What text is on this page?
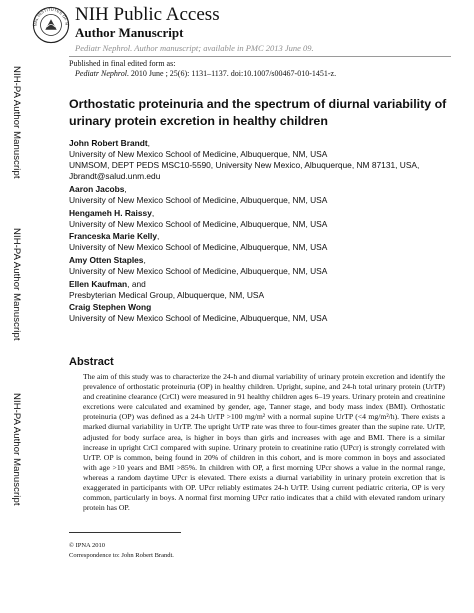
NAL INSTITUTES OF H NIH Public Access
Author Manuscript
Pediatr Nephrol. Author manuscript; available in PMC 2013 June 09.
Published in final edited form as:
Pediatr Nephrol. 2010 June ; 25(6): 1131–1137. doi:10.1007/s00467-010-1451-z.
NIH-PA Author Manuscript
NIH-PA Author Manuscript
NIH-PA Author Manuscript
Orthostatic proteinuria and the spectrum of diurnal variability of urinary protein excretion in healthy children
John Robert Brandt,
University of New Mexico School of Medicine, Albuquerque, NM, USA
UNMSOM, DEPT PEDS MSC10-5590, University New Mexico, Albuquerque, NM 87131, USA, Jbrandt@salud.unm.edu
Aaron Jacobs,
University of New Mexico School of Medicine, Albuquerque, NM, USA
Hengameh H. Raissy,
University of New Mexico School of Medicine, Albuquerque, NM, USA
Franceska Marie Kelly,
University of New Mexico School of Medicine, Albuquerque, NM, USA
Amy Otten Staples,
University of New Mexico School of Medicine, Albuquerque, NM, USA
Ellen Kaufman, and
Presbyterian Medical Group, Albuquerque, NM, USA
Craig Stephen Wong
University of New Mexico School of Medicine, Albuquerque, NM, USA
Abstract
The aim of this study was to characterize the 24-h and diurnal variability of urinary protein excretion and identify the prevalence of orthostatic proteinuria (OP) in healthy children. Upright, supine, and 24-h total urinary protein (UrTP) and creatinine clearance (CrCl) were measured in 91 healthy children ages 6–19 years. Urinary protein and creatinine excretions were calculated and examined by gender, age, Tanner stage, and body mass index (BMI). Orthostatic proteinuria (OP) was defined as a 24-h UrTP >100 mg/m² with a normal supine UrTP (<4 mg/m²/h). There exists a marked diurnal variability in UrTP. The upright UrTP rate was three to four-times greater than the supine rate. UrTP, adjusted for body surface area, is higher in boys than girls and increases with age and BMI. There is a similar increase in upright CrCl compared with supine. Urinary protein to creatinine ratio (UPcr) is strongly correlated with UrTP. OP is common, being found in 20% of children in this cohort, and is more common in boys and associated with age >10 years and BMI >85%. In children with OP, a first morning UPcr shows a value in the normal range, whereas a random daytime UPcr is elevated. There exists a diurnal variability in urinary protein excretion that is exaggerated in participants with OP. UPcr reliably estimates 24-h UrTP. Using current pediatric criteria, OP is very common, particularly in boys. A normal first morning UPcr ratio indicates that a child with elevated random urinary protein has OP.
© IPNA 2010
Correspondence to: John Robert Brandt.
